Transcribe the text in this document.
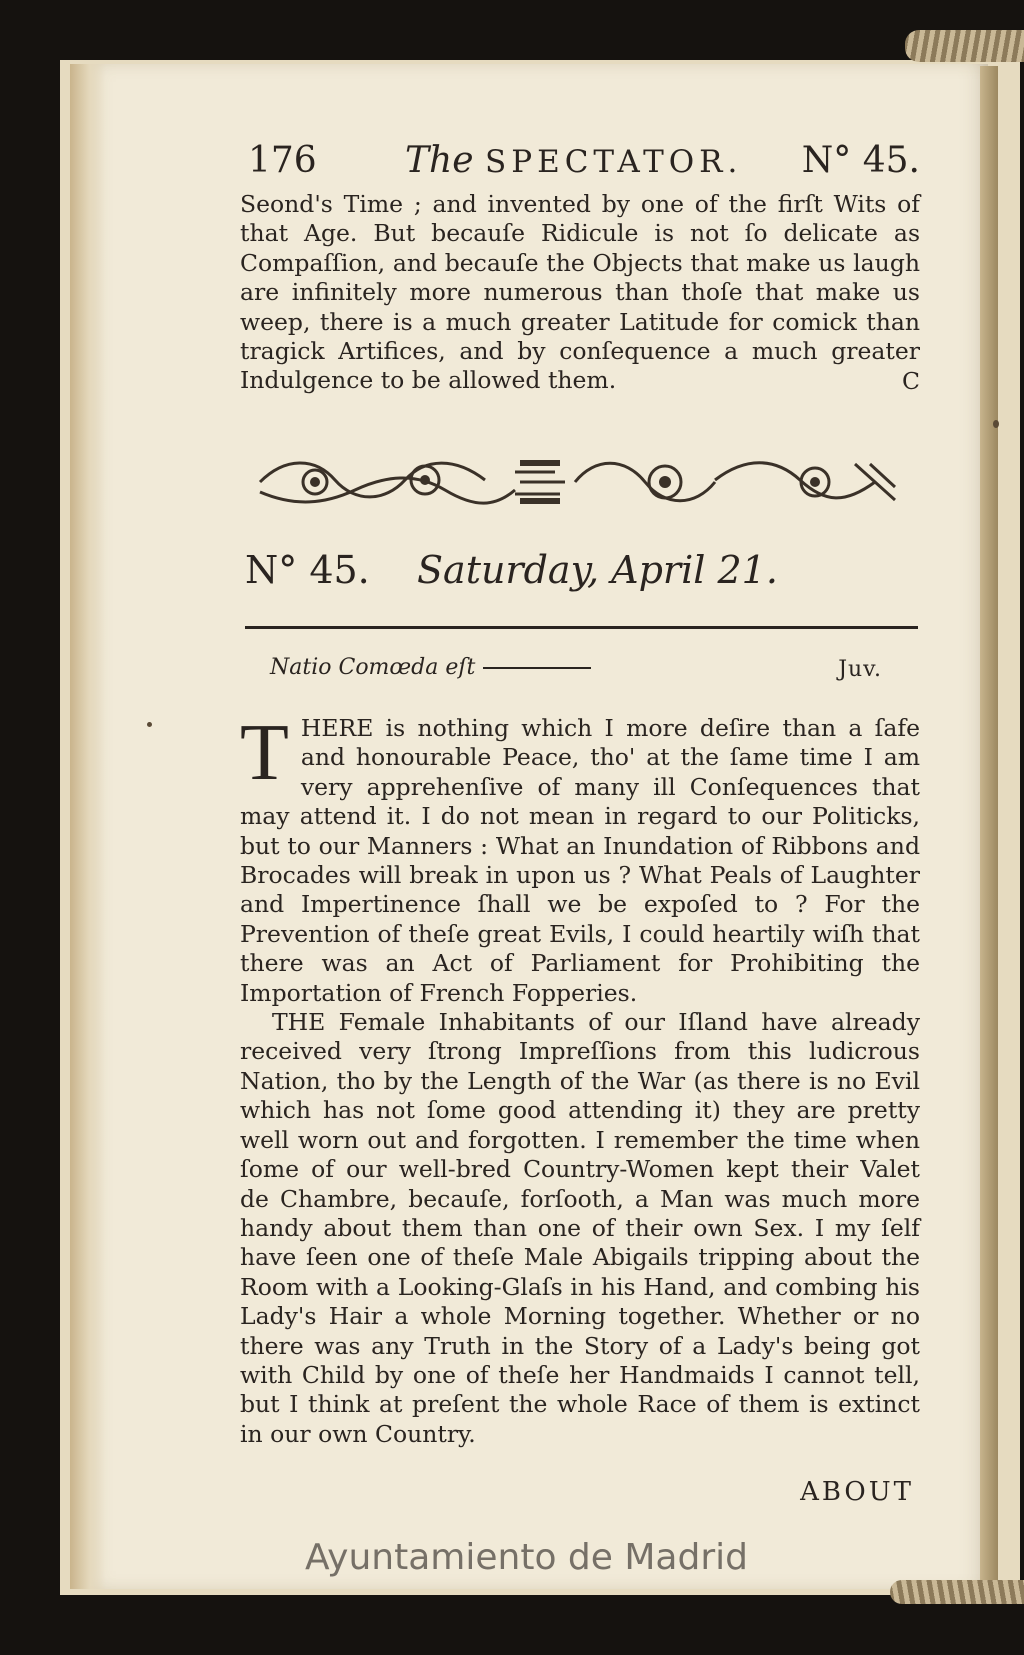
176 The SPECTATOR. N° 45.

Seond's Time ; and invented by one of the firſt Wits of that Age. But becauſe Ridicule is not ſo delicate as Compaſſion, and becauſe the Objects that make us laugh are infinitely more numerous than thoſe that make us weep, there is a much greater Latitude for comick than tragick Artifices, and by conſequence a much greater Indulgence to be allowed them.	C
N° 45. Saturday, April 21.
Natio Comœda eſt	Juv.
T HERE is nothing which I more deſire than a ſafe and honourable Peace, tho' at the ſame time I am very apprehenſive of many ill Conſequences that may attend it. I do not mean in regard to our Politicks, but to our Manners : What an Inundation of Ribbons and Brocades will break in upon us ? What Peals of Laughter and Impertinence ſhall we be expoſed to ? For the Prevention of theſe great Evils, I could heartily wiſh that there was an Act of Parliament for Prohibiting the Importation of French Fopperies.

THE Female Inhabitants of our Iſland have already received very ſtrong Impreſſions from this ludicrous Nation, tho by the Length of the War (as there is no Evil which has not ſome good attending it) they are pretty well worn out and forgotten. I remember the time when ſome of our well-bred Country-Women kept their Valet de Chambre, becauſe, forſooth, a Man was much more handy about them than one of their own Sex. I my ſelf have ſeen one of theſe Male Abigails tripping about the Room with a Looking-Glaſs in his Hand, and combing his Lady's Hair a whole Morning together. Whether or no there was any Truth in the Story of a Lady's being got with Child by one of theſe her Handmaids I cannot tell, but I think at preſent the whole Race of them is extinct in our own Country.

ABOUT
Ayuntamiento de Madrid
